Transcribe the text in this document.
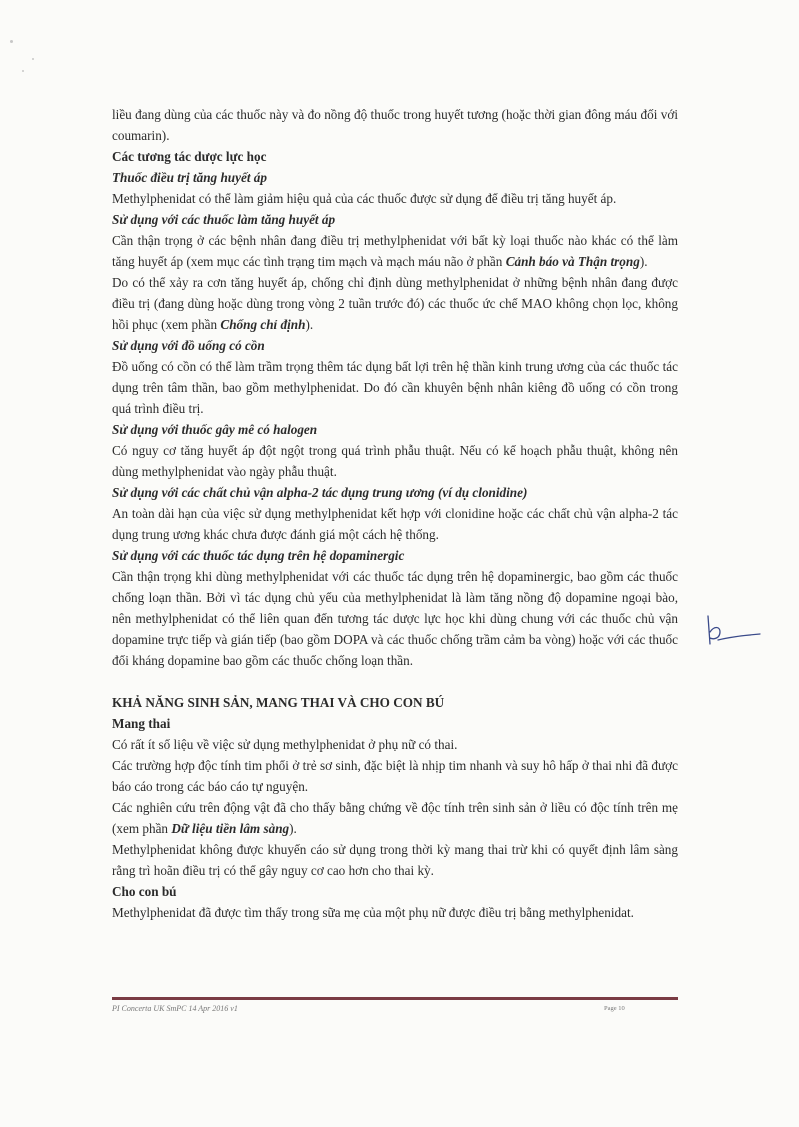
liều đang dùng của các thuốc này và đo nồng độ thuốc trong huyết tương (hoặc thời gian đông máu đối với coumarin).

Các tương tác dược lực học

Thuốc điều trị tăng huyết áp

Methylphenidat có thể làm giảm hiệu quả của các thuốc được sử dụng để điều trị tăng huyết áp.

Sử dụng với các thuốc làm tăng huyết áp

Cần thận trọng ở các bệnh nhân đang điều trị methylphenidat với bất kỳ loại thuốc nào khác có thể làm tăng huyết áp (xem mục các tình trạng tim mạch và mạch máu não ở phần Cảnh báo và Thận trọng).

Do có thể xảy ra cơn tăng huyết áp, chống chỉ định dùng methylphenidat ở những bệnh nhân đang được điều trị (đang dùng hoặc dùng trong vòng 2 tuần trước đó) các thuốc ức chế MAO không chọn lọc, không hồi phục (xem phần Chống chỉ định).

Sử dụng với đồ uống có cồn

Đồ uống có cồn có thể làm trầm trọng thêm tác dụng bất lợi trên hệ thần kinh trung ương của các thuốc tác dụng trên tâm thần, bao gồm methylphenidat. Do đó cần khuyên bệnh nhân kiêng đồ uống có cồn trong quá trình điều trị.

Sử dụng với thuốc gây mê có halogen

Có nguy cơ tăng huyết áp đột ngột trong quá trình phẫu thuật. Nếu có kế hoạch phẫu thuật, không nên dùng methylphenidat vào ngày phẫu thuật.

Sử dụng với các chất chủ vận alpha-2 tác dụng trung ương (ví dụ clonidine)

An toàn dài hạn của việc sử dụng methylphenidat kết hợp với clonidine hoặc các chất chủ vận alpha-2 tác dụng trung ương khác chưa được đánh giá một cách hệ thống.

Sử dụng với các thuốc tác dụng trên hệ dopaminergic

Cần thận trọng khi dùng methylphenidat với các thuốc tác dụng trên hệ dopaminergic, bao gồm các thuốc chống loạn thần. Bởi vì tác dụng chủ yếu của methylphenidat là làm tăng nồng độ dopamine ngoại bào, nên methylphenidat có thể liên quan đến tương tác dược lực học khi dùng chung với các thuốc chủ vận dopamine trực tiếp và gián tiếp (bao gồm DOPA và các thuốc chống trầm cảm ba vòng) hoặc với các thuốc đối kháng dopamine bao gồm các thuốc chống loạn thần.

KHẢ NĂNG SINH SẢN, MANG THAI VÀ CHO CON BÚ

Mang thai

Có rất ít số liệu về việc sử dụng methylphenidat ở phụ nữ có thai.

Các trường hợp độc tính tim phổi ở trẻ sơ sinh, đặc biệt là nhịp tim nhanh và suy hô hấp ở thai nhi đã được báo cáo trong các báo cáo tự nguyện.

Các nghiên cứu trên động vật đã cho thấy bằng chứng về độc tính trên sinh sản ở liều có độc tính trên mẹ (xem phần Dữ liệu tiền lâm sàng).

Methylphenidat không được khuyến cáo sử dụng trong thời kỳ mang thai trừ khi có quyết định lâm sàng rằng trì hoãn điều trị có thể gây nguy cơ cao hơn cho thai kỳ.

Cho con bú

Methylphenidat đã được tìm thấy trong sữa mẹ của một phụ nữ được điều trị bằng methylphenidat.

PI Concerta UK SmPC 14 Apr 2016 v1	Page 10
